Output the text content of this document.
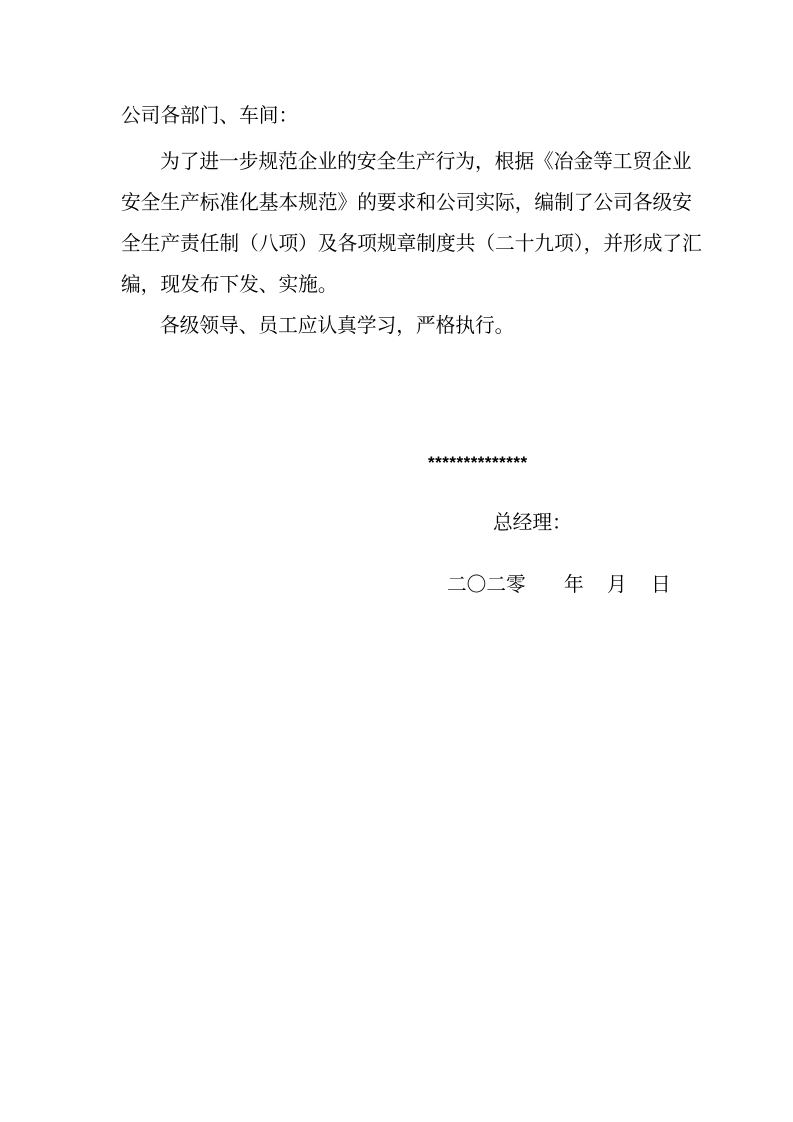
公司各部门、车间：
为了进一步规范企业的安全生产行为，根据《冶金等工贸企业
安全生产标准化基本规范》的要求和公司实际，编制了公司各级安
全生产责任制（八项）及各项规章制度共（二十九项），并形成了汇
编，现发布下发、实施。
各级领导、员工应认真学习，严格执行。
**************
总经理：
二〇二零 年 月 日
